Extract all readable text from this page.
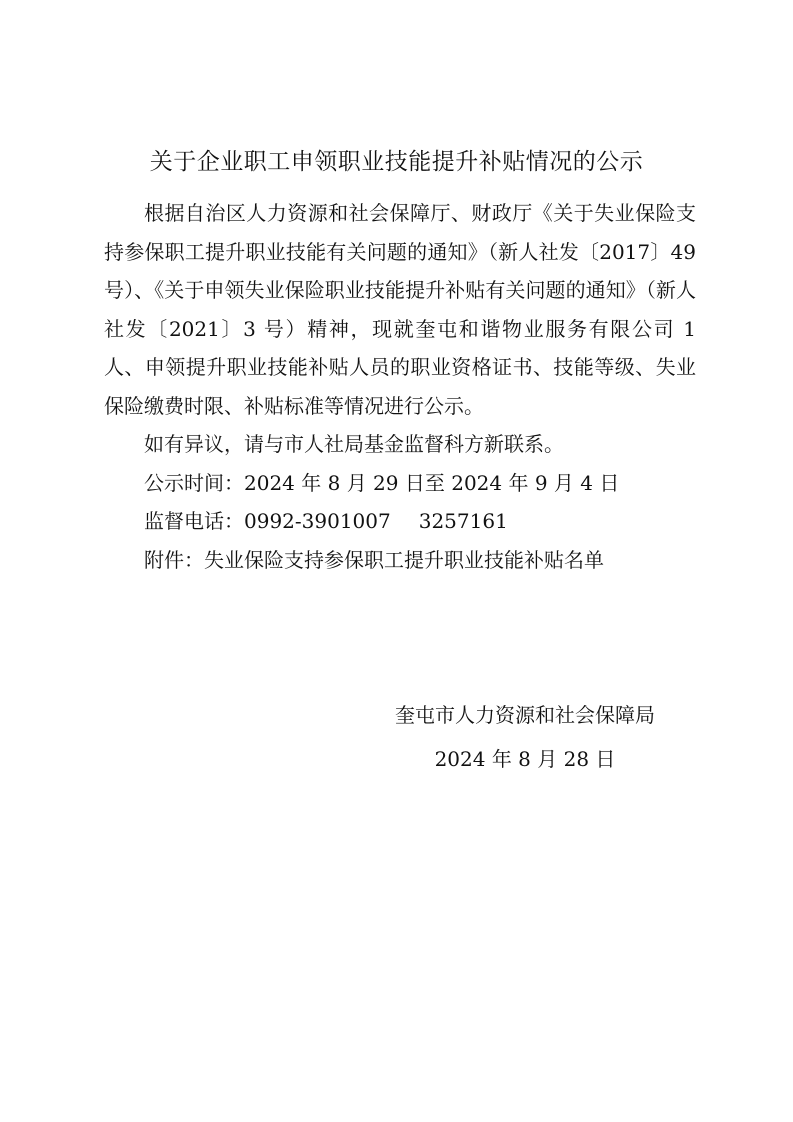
关于企业职工申领职业技能提升补贴情况的公示

根据自治区人力资源和社会保障厅、财政厅《关于失业保险支持参保职工提升职业技能有关问题的通知》（新人社发〔2017〕49 号）、《关于申领失业保险职业技能提升补贴有关问题的通知》（新人社发〔2021〕3 号）精神，现就奎屯和谐物业服务有限公司 1 人、申领提升职业技能补贴人员的职业资格证书、技能等级、失业保险缴费时限、补贴标准等情况进行公示。

如有异议，请与市人社局基金监督科方新联系。

公示时间：2024 年 8 月 29 日至 2024 年 9 月 4 日

监督电话：0992-3901007 3257161

附件：失业保险支持参保职工提升职业技能补贴名单

奎屯市人力资源和社会保障局
2024 年 8 月 28 日
